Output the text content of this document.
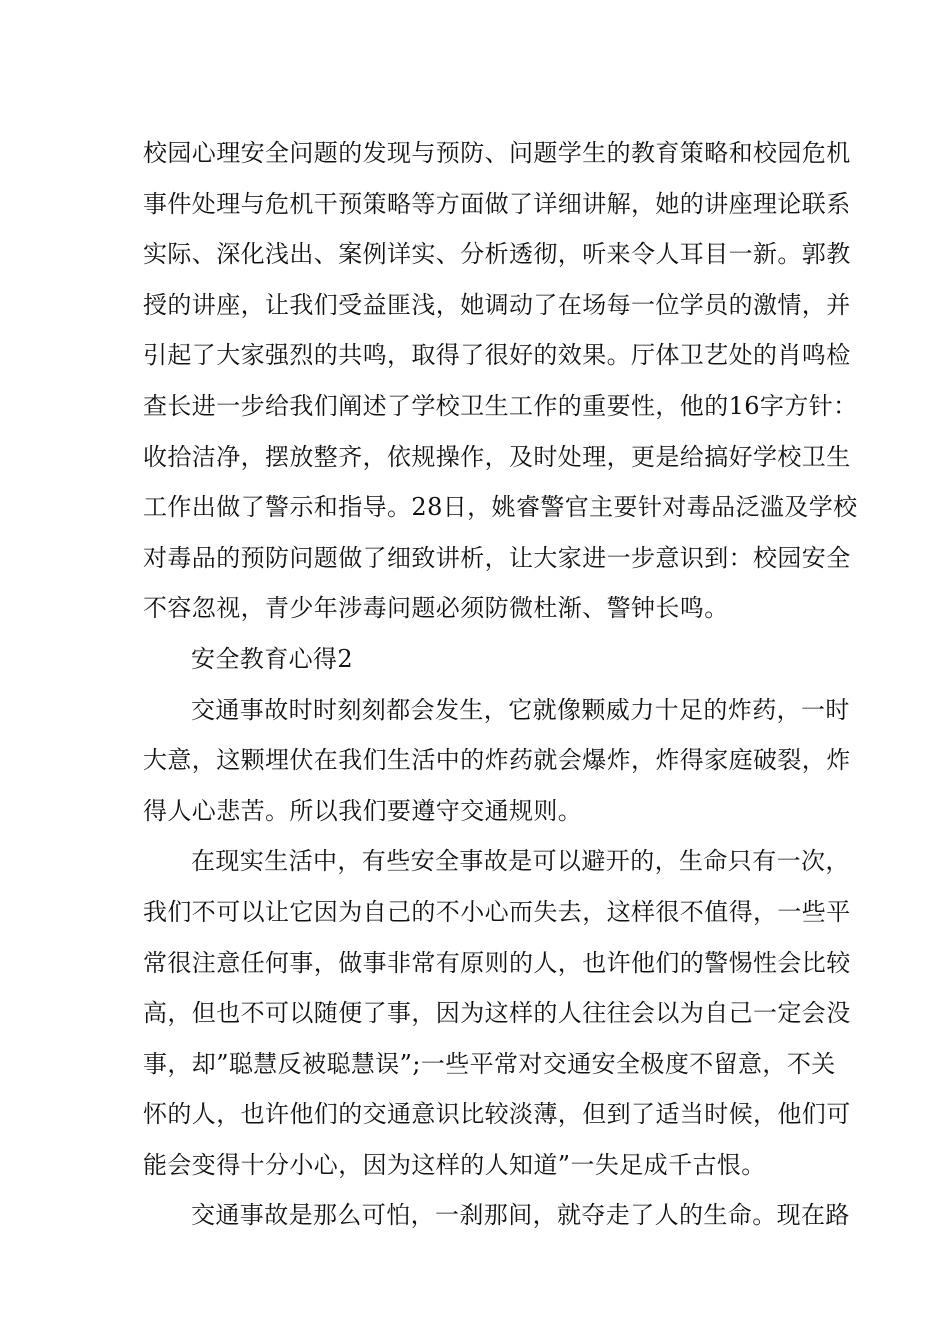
校园心理安全问题的发现与预防、问题学生的教育策略和校园危机
事件处理与危机干预策略等方面做了详细讲解，她的讲座理论联系
实际、深化浅出、案例详实、分析透彻，听来令人耳目一新。郭教
授的讲座，让我们受益匪浅，她调动了在场每一位学员的激情，并
引起了大家强烈的共鸣，取得了很好的效果。厅体卫艺处的肖鸣检
查长进一步给我们阐述了学校卫生工作的重要性，他的16字方针：
收拾洁净，摆放整齐，依规操作，及时处理，更是给搞好学校卫生
工作出做了警示和指导。28日，姚睿警官主要针对毒品泛滥及学校
对毒品的预防问题做了细致讲析，让大家进一步意识到：校园安全
不容忽视，青少年涉毒问题必须防微杜渐、警钟长鸣。
安全教育心得2
交通事故时时刻刻都会发生，它就像颗威力十足的炸药，一时
大意，这颗埋伏在我们生活中的炸药就会爆炸，炸得家庭破裂，炸
得人心悲苦。所以我们要遵守交通规则。
在现实生活中，有些安全事故是可以避开的，生命只有一次，
我们不可以让它因为自己的不小心而失去，这样很不值得，一些平
常很注意任何事，做事非常有原则的人，也许他们的警惕性会比较
高，但也不可以随便了事，因为这样的人往往会以为自己一定会没
事，却”聪慧反被聪慧误”;一些平常对交通安全极度不留意，不关
怀的人，也许他们的交通意识比较淡薄，但到了适当时候，他们可
能会变得十分小心，因为这样的人知道”一失足成千古恨。
交通事故是那么可怕，一刹那间，就夺走了人的生命。现在路
